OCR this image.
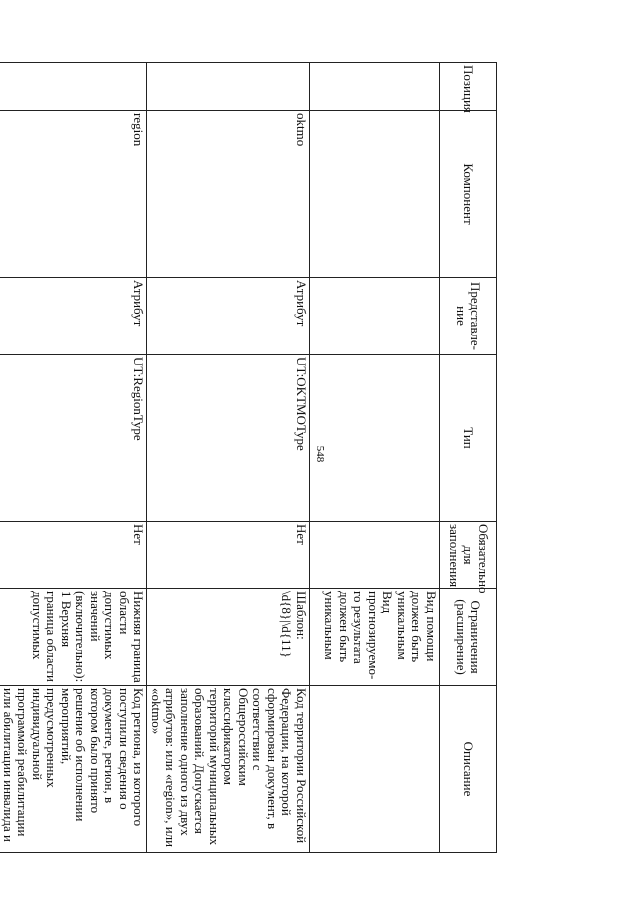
548
Позиция	Компонент	Представле-ние	Тип	Обязательно для заполнения	Ограничения (расширение)	Описание
					Вид помощи должен быть уникальным Вид прогнозируемо-го результата должен быть уникальным	
	oktmo	Атрибут	UT:OKTMOType	Нет	Шаблон: \d{8}|\d{11}	Код территории Российской Федерации, на которой сформирован документ, в соответствии с Общероссийским классификатором территорий муниципальных образований. Допускается заполнение одного из двух атрибутов: или «region», или «oktmo»
	region	Атрибут	UT:RegionType	Нет	Нижняя граница области допустимых значений (включительно): 1 Верхняя граница области допустимых	Код региона, из которого поступили сведения о документе, регион, в котором было принято решение об исполнении мероприятий, предусмотренных индивидуальной программой реабилитации или абилитации инвалида и
